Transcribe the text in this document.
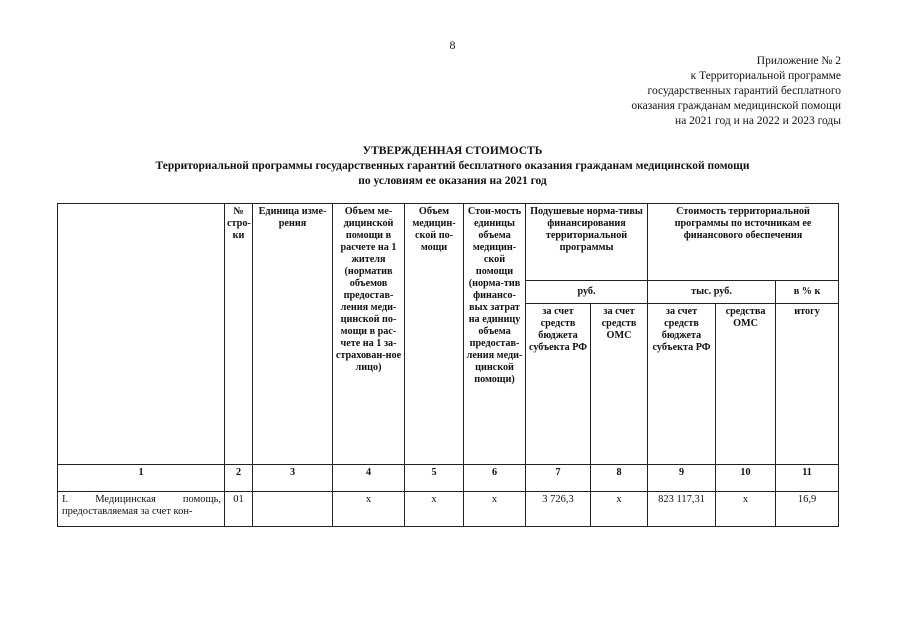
8
Приложение № 2
к Территориальной программе
государственных гарантий бесплатного
оказания гражданам медицинской помощи
на 2021 год и на 2022 и 2023 годы
УТВЕРЖДЕННАЯ СТОИМОСТЬ
Территориальной программы государственных гарантий бесплатного оказания гражданам медицинской помощи
по условиям ее оказания на 2021 год
	№ стро-ки	Единица изме-рения	Объем ме-дицинской помощи в расчете на 1 жителя (норматив объемов предостав-ления меди-цинской по-мощи в рас-чете на 1 за-страхован-ное лицо)	Объем медицин-ской по-мощи	Стои-мость единицы объема медицин-ской помощи (норма-тив финансо-вых затрат на единицу объема предостав-ления меди-цинской помощи)	Подушевые норма-тивы финансирования территориальной программы		Стоимость территориальной программы по источникам ее финансового обеспечения		
						руб.		тыс. руб.		в % к
						за счет средств бюджета субъекта РФ	за счет средств ОМС	за счет средств бюджета субъекта РФ	средства ОМС	итогу
1	2	3	4	5	6	7	8	9	10	11
I. Медицинская помощь, предоставляемая за счет кон-	01		х	х	х	3 726,3	х	823 117,31	х	16,9
